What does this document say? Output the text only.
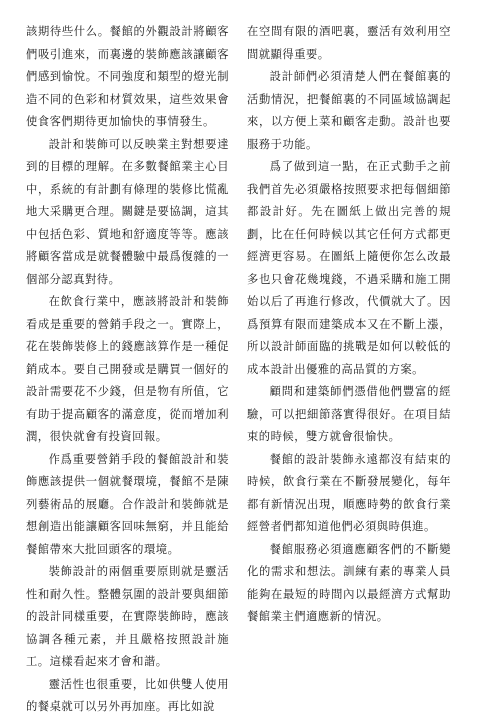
該期待些什么。餐館的外觀設計將顧客們吸引進來，而裏邊的裝飾應該讓顧客們感到愉悅。不同強度和類型的燈光制造不同的色彩和材質效果，這些效果會使食客們期待更加愉快的事情發生。

設計和裝飾可以反映業主對想要達到的目標的理解。在多數餐館業主心目中，系統的有計劃有條理的裝修比慌亂地大采購更合理。關鍵是要協調，這其中包括色彩、質地和舒適度等等。應該將顧客當成是就餐體驗中最爲復雜的一個部分認真對待。

在飲食行業中，應該將設計和裝飾看成是重要的營銷手段之一。實際上，花在裝飾裝修上的錢應該算作是一種促銷成本。要自己開發或是購買一個好的設計需要花不少錢，但是物有所值，它有助于提高顧客的滿意度，從而增加利潤，很快就會有投資回報。

作爲重要營銷手段的餐館設計和裝飾應該提供一個就餐環境，餐館不是陳列藝術品的展廳。合作設計和裝飾就是想創造出能讓顧客回味無窮，并且能給餐館帶來大批回頭客的環境。

裝飾設計的兩個重要原則就是靈活性和耐久性。整體氛圍的設計要與細節的設計同樣重要，在實際裝飾時，應該協調各種元素，并且嚴格按照設計施工。這樣看起來才會和諧。

靈活性也很重要，比如供雙人使用的餐桌就可以另外再加座。再比如說

在空間有限的酒吧裏，靈活有效利用空間就顯得重要。

設計師們必須清楚人們在餐館裏的活動情況，把餐館裏的不同區域協調起來，以方便上菜和顧客走動。設計也要服務于功能。

爲了做到這一點，在正式動手之前我們首先必須嚴格按照要求把每個細節都設計好。先在圖紙上做出完善的規劃，比在任何時候以其它任何方式都更經濟更容易。在圖紙上隨便你怎么改最多也只會花幾塊錢，不過采購和施工開始以后了再進行修改，代價就大了。因爲預算有限而建築成本又在不斷上漲，所以設計師面臨的挑戰是如何以較低的成本設計出優雅的高品質的方案。

顧問和建築師們憑借他們豐富的經驗，可以把細節落實得很好。在項目結束的時候，雙方就會很愉快。

餐館的設計裝飾永遠都沒有結束的時候，飲食行業在不斷發展變化，每年都有新情況出現，順應時勢的飲食行業經營者們都知道他們必須與時俱進。

餐館服務必須適應顧客們的不斷變化的需求和想法。訓練有素的專業人員能夠在最短的時間內以最經濟方式幫助餐館業主們適應新的情況。
